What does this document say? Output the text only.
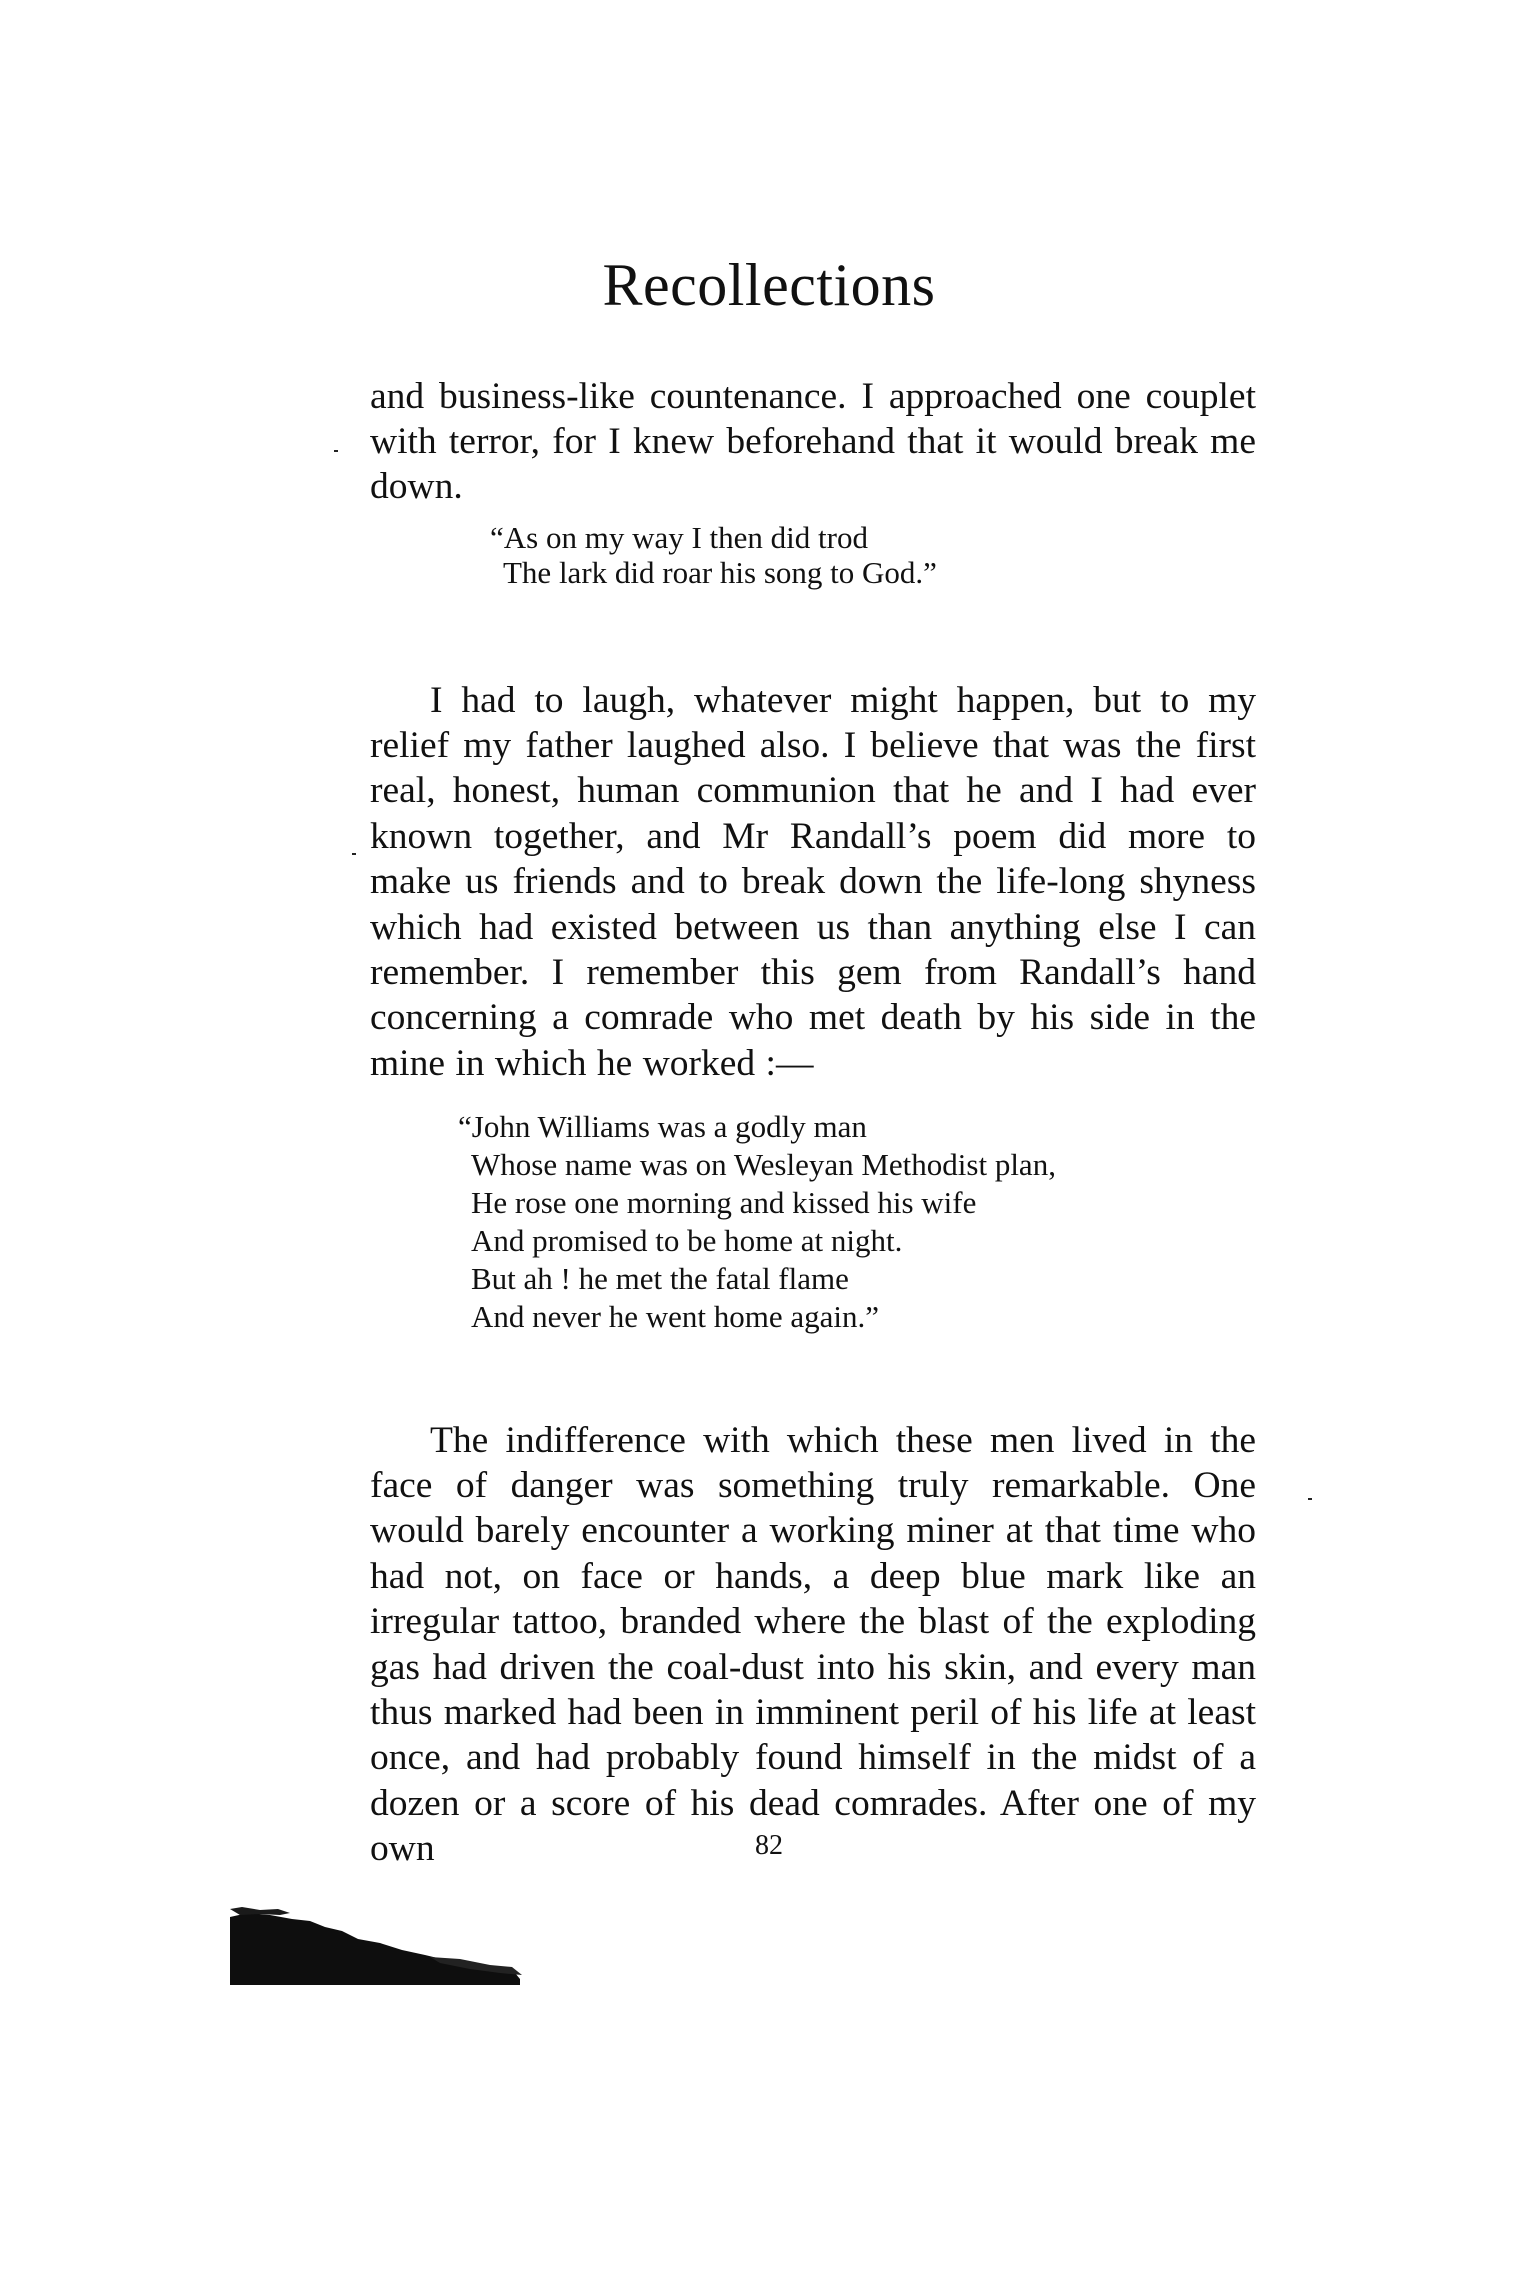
Recollections

and business-like countenance. I approached one couplet with terror, for I knew beforehand that it would break me down.

“As on my way I then did trod
The lark did roar his song to God.”

I had to laugh, whatever might happen, but to my relief my father laughed also. I believe that was the first real, honest, human communion that he and I had ever known together, and Mr Randall’s poem did more to make us friends and to break down the life-long shyness which had existed between us than anything else I can remember. I remember this gem from Randall’s hand concerning a comrade who met death by his side in the mine in which he worked :—

“John Williams was a godly man
Whose name was on Wesleyan Methodist plan,
He rose one morning and kissed his wife
And promised to be home at night.
But ah ! he met the fatal flame
And never he went home again.”

The indifference with which these men lived in the face of danger was something truly remarkable. One would barely encounter a working miner at that time who had not, on face or hands, a deep blue mark like an irregular tattoo, branded where the blast of the exploding gas had driven the coal-dust into his skin, and every man thus marked had been in imminent peril of his life at least once, and had probably found himself in the midst of a dozen or a score of his dead comrades. After one of my own	82
